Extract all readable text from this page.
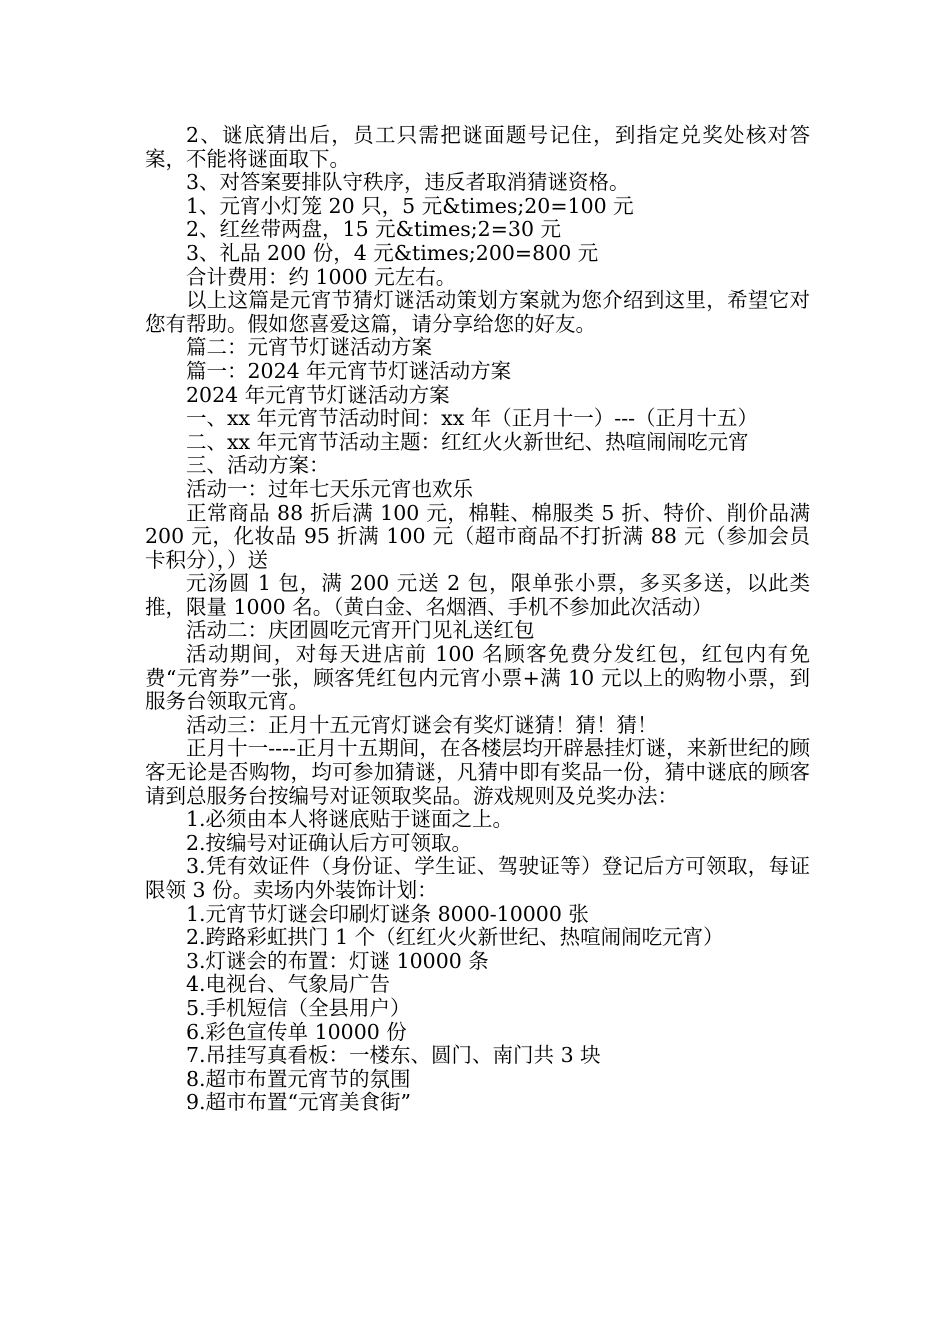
2、谜底猜出后，员工只需把谜面题号记住，到指定兑奖处核对答案，不能将谜面取下。

3、对答案要排队守秩序，违反者取消猜谜资格。

1、元宵小灯笼 20 只，5 元&times;20=100 元

2、红丝带两盘，15 元&times;2=30 元

3、礼品 200 份，4 元&times;200=800 元

合计费用：约 1000 元左右。

以上这篇是元宵节猜灯谜活动策划方案就为您介绍到这里，希望它对您有帮助。假如您喜爱这篇，请分享给您的好友。

篇二：元宵节灯谜活动方案

篇一：2024 年元宵节灯谜活动方案

2024 年元宵节灯谜活动方案

一、xx 年元宵节活动时间：xx 年（正月十一）---（正月十五）

二、xx 年元宵节活动主题：红红火火新世纪、热喧闹闹吃元宵

三、活动方案：

活动一：过年七天乐元宵也欢乐

正常商品 88 折后满 100 元，棉鞋、棉服类 5 折、特价、削价品满 200 元，化妆品 95 折满 100 元（超市商品不打折满 88 元（参加会员卡积分），）送

元汤圆 1 包，满 200 元送 2 包，限单张小票，多买多送，以此类推，限量 1000 名。（黄白金、名烟酒、手机不参加此次活动）

活动二：庆团圆吃元宵开门见礼送红包

活动期间，对每天进店前 100 名顾客免费分发红包，红包内有免费“元宵券”一张，顾客凭红包内元宵小票+满 10 元以上的购物小票，到服务台领取元宵。

活动三：正月十五元宵灯谜会有奖灯谜猜！猜！猜！

正月十一----正月十五期间，在各楼层均开辟悬挂灯谜，来新世纪的顾客无论是否购物，均可参加猜谜，凡猜中即有奖品一份，猜中谜底的顾客请到总服务台按编号对证领取奖品。游戏规则及兑奖办法：

1.必须由本人将谜底贴于谜面之上。

2.按编号对证确认后方可领取。

3.凭有效证件（身份证、学生证、驾驶证等）登记后方可领取，每证限领 3 份。卖场内外装饰计划：

1.元宵节灯谜会印刷灯谜条 8000-10000 张

2.跨路彩虹拱门 1 个（红红火火新世纪、热喧闹闹吃元宵）

3.灯谜会的布置：灯谜 10000 条

4.电视台、气象局广告

5.手机短信（全县用户）

6.彩色宣传单 10000 份

7.吊挂写真看板：一楼东、圆门、南门共 3 块

8.超市布置元宵节的氛围

9.超市布置“元宵美食街”
